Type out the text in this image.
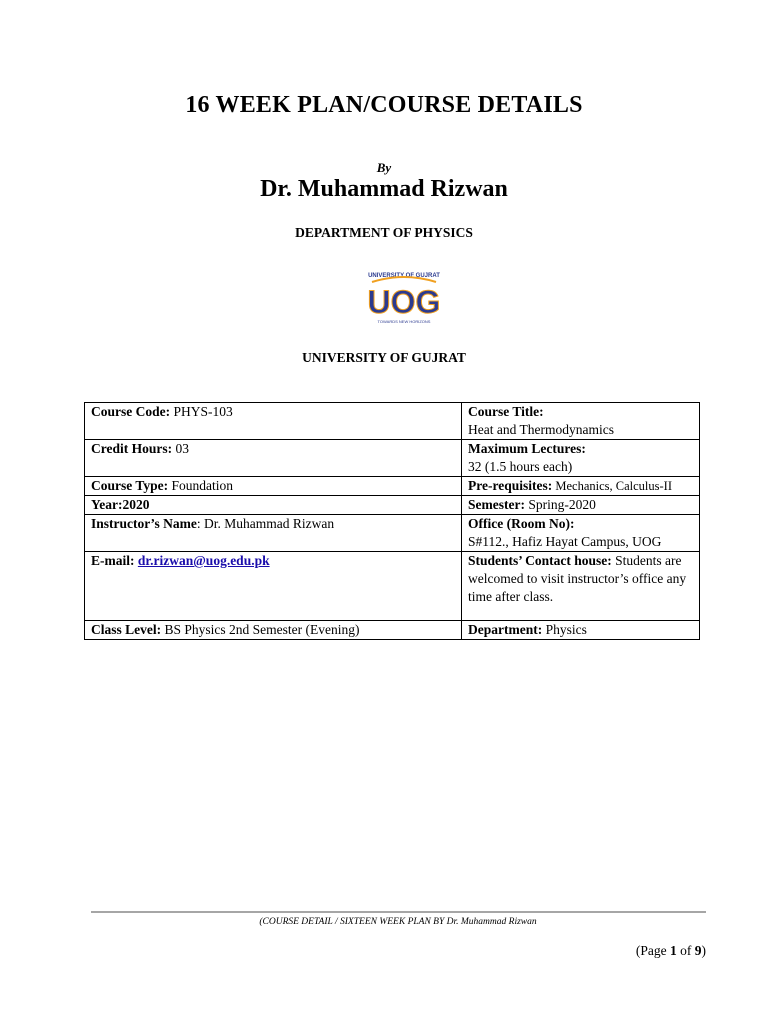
16 WEEK PLAN/COURSE DETAILS
By
Dr. Muhammad Rizwan
DEPARTMENT OF PHYSICS
UNIVERSITY OF GUJRAT
UOG
TOWARDS NEW HORIZONS
UNIVERSITY OF GUJRAT
Course Code: PHYS-103	Course Title:
Heat and Thermodynamics
Credit Hours: 03	Maximum Lectures:
32 (1.5 hours each)
Course Type: Foundation	Pre-requisites: Mechanics, Calculus-II
Year:2020	Semester: Spring-2020
Instructor’s Name: Dr. Muhammad Rizwan	Office (Room No):
S#112., Hafiz Hayat Campus, UOG
E-mail: dr.rizwan@uog.edu.pk	Students’ Contact house: Students are welcomed to visit instructor’s office any time after class.
Class Level: BS Physics 2nd Semester (Evening)	Department: Physics
(COURSE DETAIL / SIXTEEN WEEK PLAN BY Dr. Muhammad Rizwan
(Page 1 of 9)
